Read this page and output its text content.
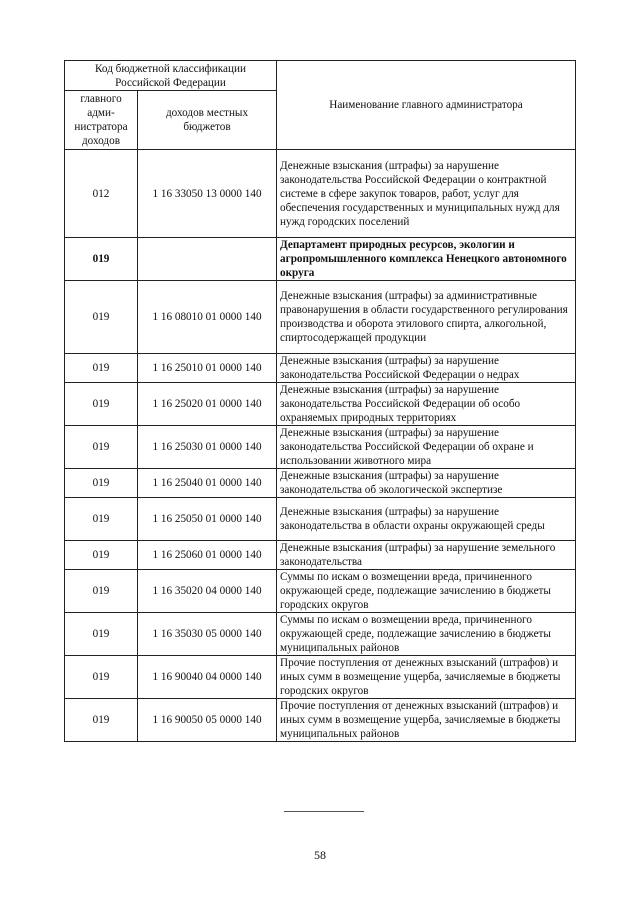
Код бюджетной классификации Российской Федерации		Наименование главного администратора
главного адми-нистратора доходов	доходов местных бюджетов	
012	1 16 33050 13 0000 140	Денежные взыскания (штрафы) за нарушение законодательства Российской Федерации о контрактной системе в сфере закупок товаров, работ, услуг для обеспечения государственных и муниципальных нужд для нужд городских поселений
019		Департамент природных ресурсов, экологии и агропромышленного комплекса Ненецкого автономного округа
019	1 16 08010 01 0000 140	Денежные взыскания (штрафы) за административные правонарушения в области государственного регулирования производства и оборота этилового спирта, алкогольной, спиртосодержащей продукции
019	1 16 25010 01 0000 140	Денежные взыскания (штрафы) за нарушение законодательства Российской Федерации о недрах
019	1 16 25020 01 0000 140	Денежные взыскания (штрафы) за нарушение законодательства Российской Федерации об особо охраняемых природных территориях
019	1 16 25030 01 0000 140	Денежные взыскания (штрафы) за нарушение законодательства Российской Федерации об охране и использовании животного мира
019	1 16 25040 01 0000 140	Денежные взыскания (штрафы) за нарушение законодательства об экологической экспертизе
019	1 16 25050 01 0000 140	Денежные взыскания (штрафы) за нарушение законодательства в области охраны окружающей среды
019	1 16 25060 01 0000 140	Денежные взыскания (штрафы) за нарушение земельного законодательства
019	1 16 35020 04 0000 140	Суммы по искам о возмещении вреда, причиненного окружающей среде, подлежащие зачислению в бюджеты городских округов
019	1 16 35030 05 0000 140	Суммы по искам о возмещении вреда, причиненного окружающей среде, подлежащие зачислению в бюджеты муниципальных районов
019	1 16 90040 04 0000 140	Прочие поступления от денежных взысканий (штрафов) и иных сумм в возмещение ущерба, зачисляемые в бюджеты городских округов
019	1 16 90050 05 0000 140	Прочие поступления от денежных взысканий (штрафов) и иных сумм в возмещение ущерба, зачисляемые в бюджеты муниципальных районов
58
